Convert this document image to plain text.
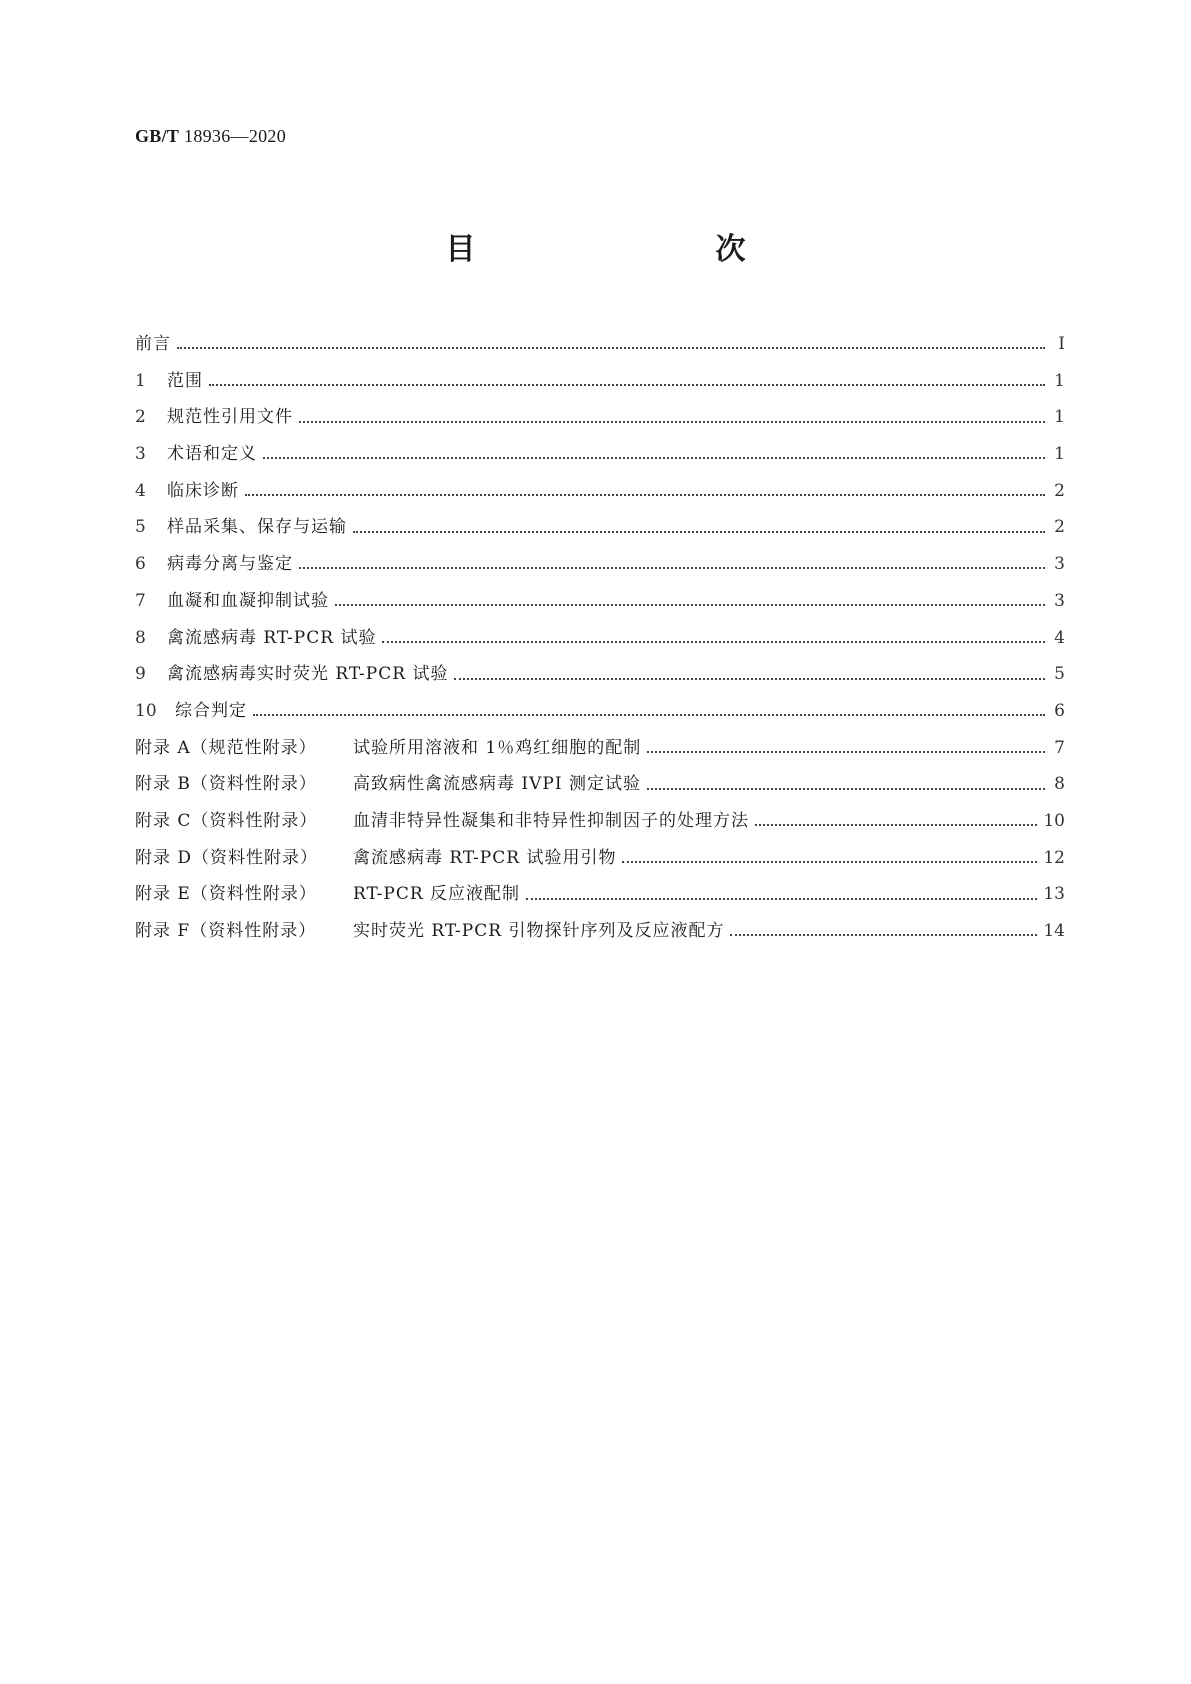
GB/T 18936—2020
目　　次
前言	Ⅰ
1	范围	1
2	规范性引用文件	1
3	术语和定义	1
4	临床诊断	2
5	样品采集、保存与运输	2
6	病毒分离与鉴定	3
7	血凝和血凝抑制试验	3
8	禽流感病毒 RT-PCR 试验	4
9	禽流感病毒实时荧光 RT-PCR 试验	5
10	综合判定	6
附录 A（规范性附录）	试验所用溶液和 1％鸡红细胞的配制	7
附录 B（资料性附录）	高致病性禽流感病毒 IVPI 测定试验	8
附录 C（资料性附录）	血清非特异性凝集和非特异性抑制因子的处理方法	10
附录 D（资料性附录）	禽流感病毒 RT-PCR 试验用引物	12
附录 E（资料性附录）	RT-PCR 反应液配制	13
附录 F（资料性附录）	实时荧光 RT-PCR 引物探针序列及反应液配方	14
